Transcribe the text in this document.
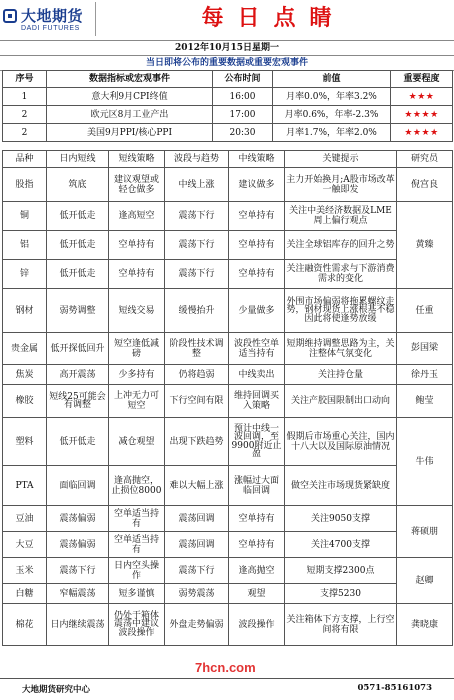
大地期货
DADI FUTURES	每日点睛
2012年10月15日星期一
当日即将公布的重要数据或重要宏观事件
序号	数据指标或宏观事件	公布时间	前值	重要程度
1	意大利9月CPI终值	16:00	月率0.0%，年率3.2%	★★★
2	欧元区8月工业产出	17:00	月率0.6%，年率-2.3%	★★★★
2	美国9月PPI/核心PPI	20:30	月率1.7%，年率2.0%	★★★★
品种	日内短线	短线策略	波段与趋势	中线策略	关键提示	研究员
股指	筑底	建议观望或轻仓做多	中线上涨	建议做多	主力开始换月;A股市场改革一触即发	倪宫良
铜	低开低走	逢高短空	震荡下行	空单持有	关注中美经济数据及LME周上偏行观点	黄臻
铝	低开低走	空单持有	震荡下行	空单持有	关注全球铝库存的回升之势	
锌	低开低走	空单持有	震荡下行	空单持有	关注融资性需求与下游消费需求的变化	
钢材	弱势调整	短线交易	缓慢抬升	少量做多	外围市场偏弱将拖累螺纹走势，钢材现货上涨根基不稳因此将使逢势放缓	任重
贵金属	低开探低回升	短空逢低减磅	阶段性技术调整	波段性空单适当持有	短期维持调整思路为主，关注整体气氛变化	彭国梁
焦炭	高开震荡	少多持有	仍将趋弱	中线卖出	关注持仓量	徐丹玉
橡胶	短线25可能会有调整	上冲无力可短空	下行空间有限	维持回调买入策略	关注产胶国限制出口动向	鲍莹
塑料	低开低走	减仓观望	出现下跌趋势	预计中线一波回调，至9900附近止盈	假期后市场重心关注，国内十八大以及国际原油情况	牛伟
PTA	面临回调	逢高抛空，止损位8000	难以大幅上涨	涨幅过大面临回调	做空关注市场现货紧缺度	
豆油	震荡偏弱	空单适当持有	震荡回调	空单持有	关注9050支撑	蒋硕朋
大豆	震荡偏弱	空单适当持有	震荡回调	空单持有	关注4700支撑	
玉米	震荡下行	日内空头操作	震荡下行	逢高抛空	短期支撑2300点	赵卿
白糖	窄幅震荡	短多谨慎	弱势震荡	观望	支撑5230	
棉花	日内继续震荡	仍处于箱体震荡中建议波段操作	外盘走势偏弱	波段操作	关注箱体下方支撑，上行空间将有限	龚晓康
7hcn.com
大地期货研究中心	0571-85161073
